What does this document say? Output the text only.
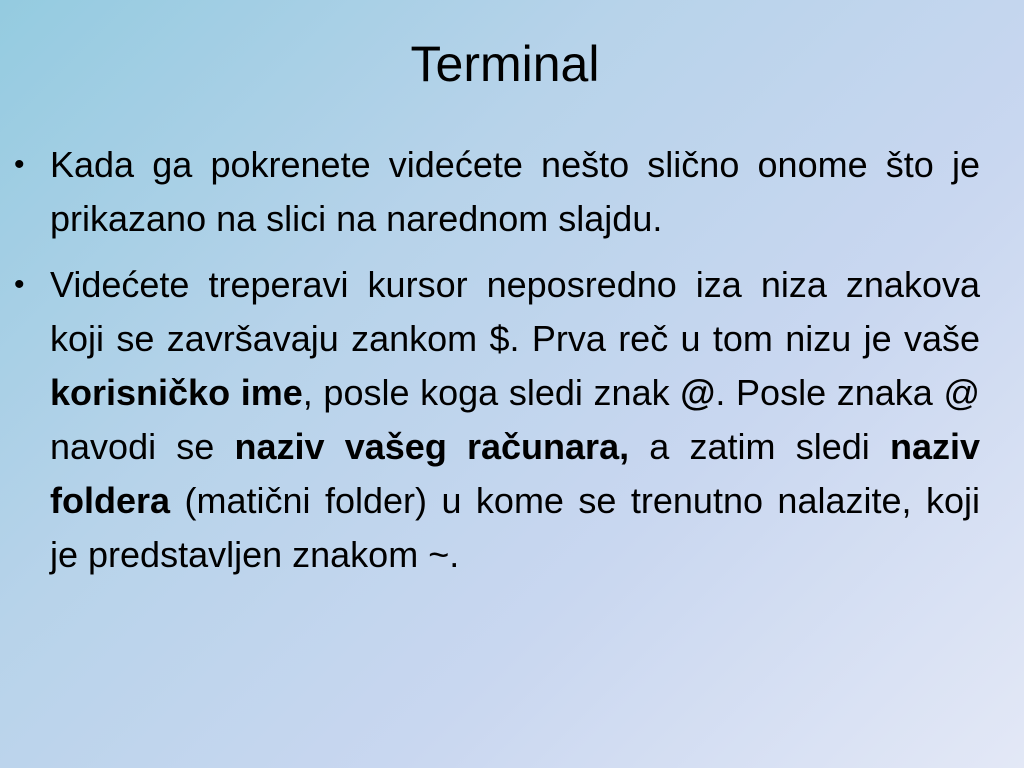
Terminal
• Kada ga pokrenete videćete nešto slično onome što je prikazano na slici na narednom slajdu.
• Videćete treperavi kursor neposredno iza niza znakova koji se završavaju zankom $. Prva reč u tom nizu je vaše korisničko ime, posle koga sledi znak @. Posle znaka @ navodi se naziv vašeg računara, a zatim sledi naziv foldera (matični folder) u kome se trenutno nalazite, koji je predstavljen znakom ~.
